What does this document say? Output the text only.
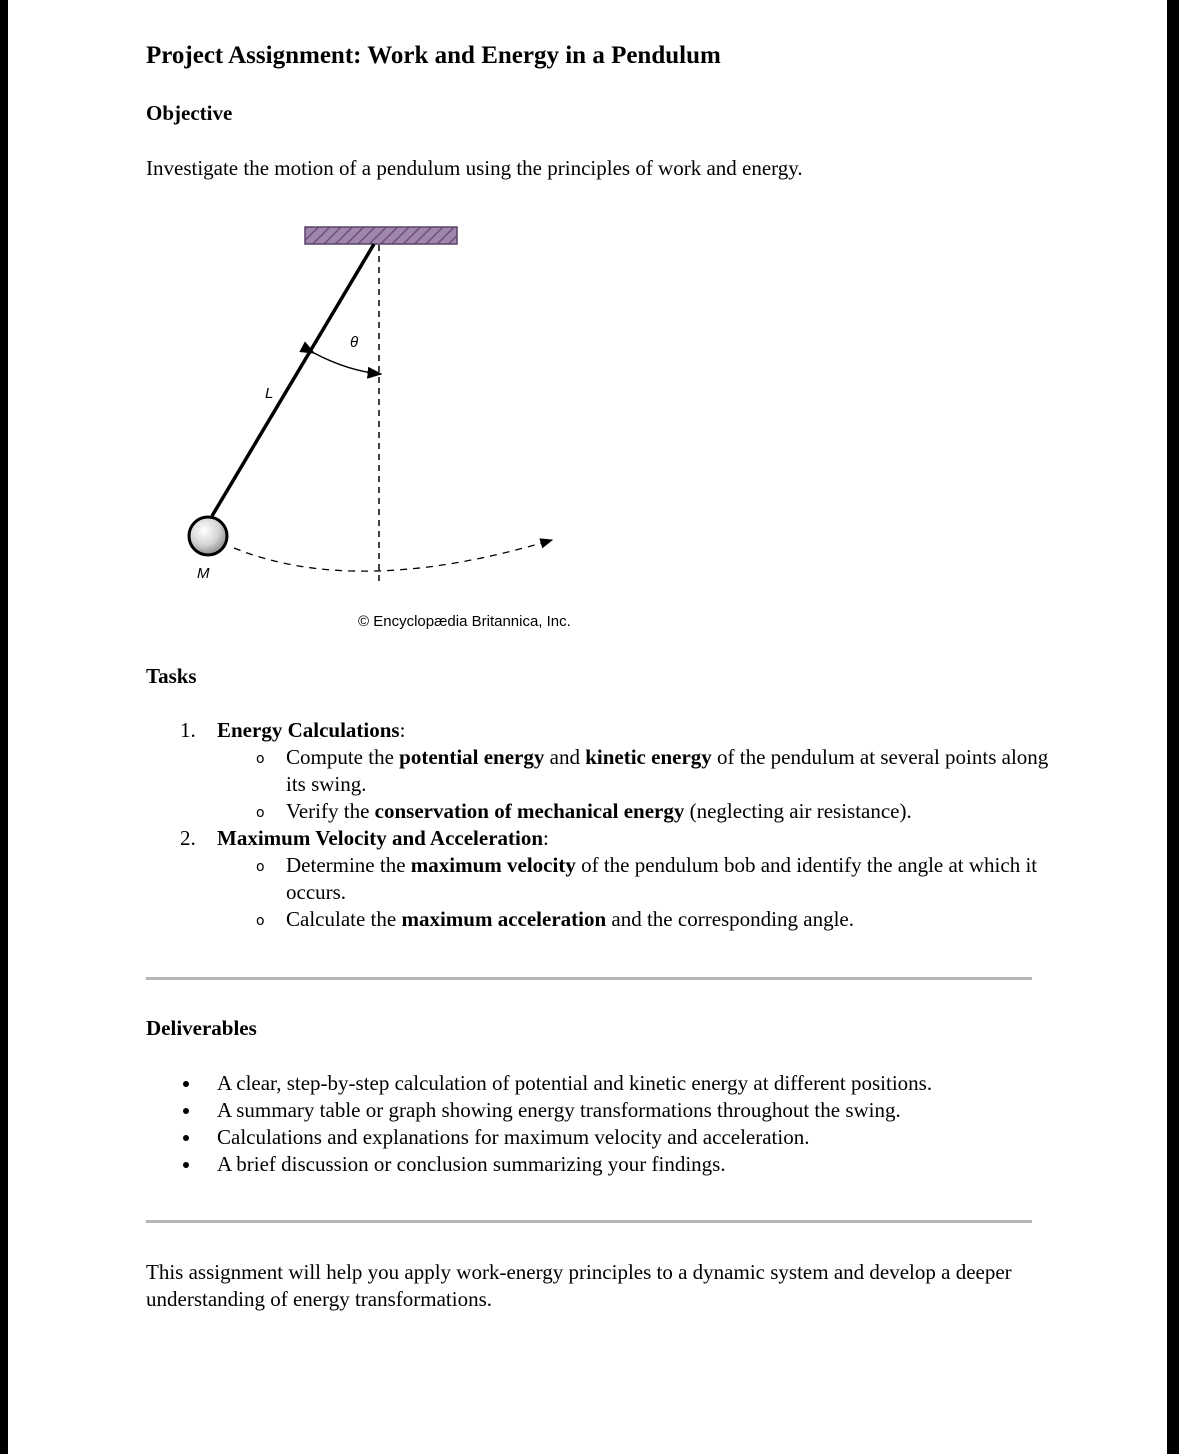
Project Assignment: Work and Energy in a Pendulum
Objective

Investigate the motion of a pendulum using the principles of work and energy.

θ
L
M
© Encyclopædia Britannica, Inc.
Tasks
1. Energy Calculations:
o Compute the potential energy and kinetic energy of the pendulum at several points along its swing.
o Verify the conservation of mechanical energy (neglecting air resistance).
2. Maximum Velocity and Acceleration:
o Determine the maximum velocity of the pendulum bob and identify the angle at which it occurs.
o Calculate the maximum acceleration and the corresponding angle.
Deliverables
A clear, step-by-step calculation of potential and kinetic energy at different positions.
A summary table or graph showing energy transformations throughout the swing.
Calculations and explanations for maximum velocity and acceleration.
A brief discussion or conclusion summarizing your findings.

This assignment will help you apply work-energy principles to a dynamic system and develop a deeper understanding of energy transformations.
